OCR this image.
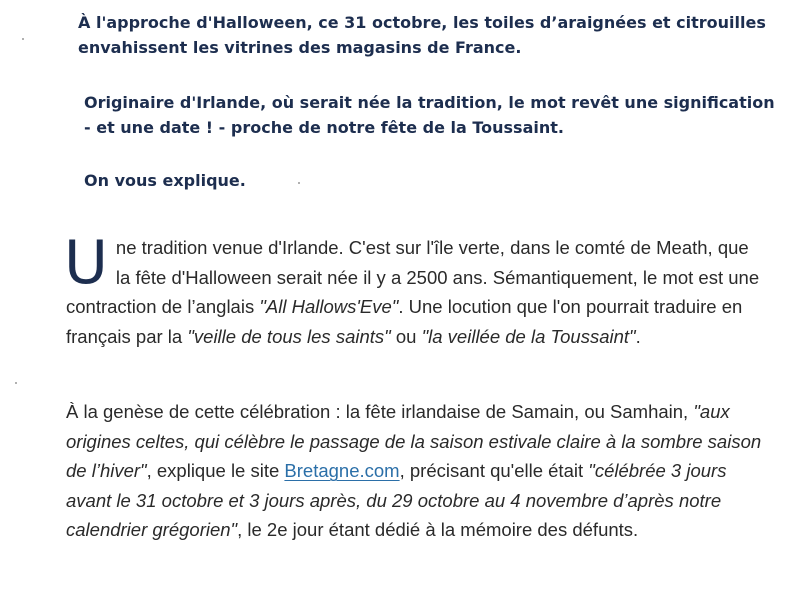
À l'approche d'Halloween, ce 31 octobre, les toiles d’araignées et citrouilles envahissent les vitrines des magasins de France.

Originaire d'Irlande, où serait née la tradition, le mot revêt une signification - et une date ! - proche de notre fête de la Toussaint.

On vous explique.

Une tradition venue d'Irlande. C'est sur l'île verte, dans le comté de Meath, que la fête d'Halloween serait née il y a 2500 ans. Sémantiquement, le mot est une contraction de l’anglais "All Hallows'Eve". Une locution que l'on pourrait traduire en français par la "veille de tous les saints" ou "la veillée de la Toussaint".

À la genèse de cette célébration : la fête irlandaise de Samain, ou Samhain, "aux origines celtes, qui célèbre le passage de la saison estivale claire à la sombre saison de l’hiver", explique le site Bretagne.com, précisant qu'elle était "célébrée 3 jours avant le 31 octobre et 3 jours après, du 29 octobre au 4 novembre d’après notre calendrier grégorien", le 2e jour étant dédié à la mémoire des défunts.
